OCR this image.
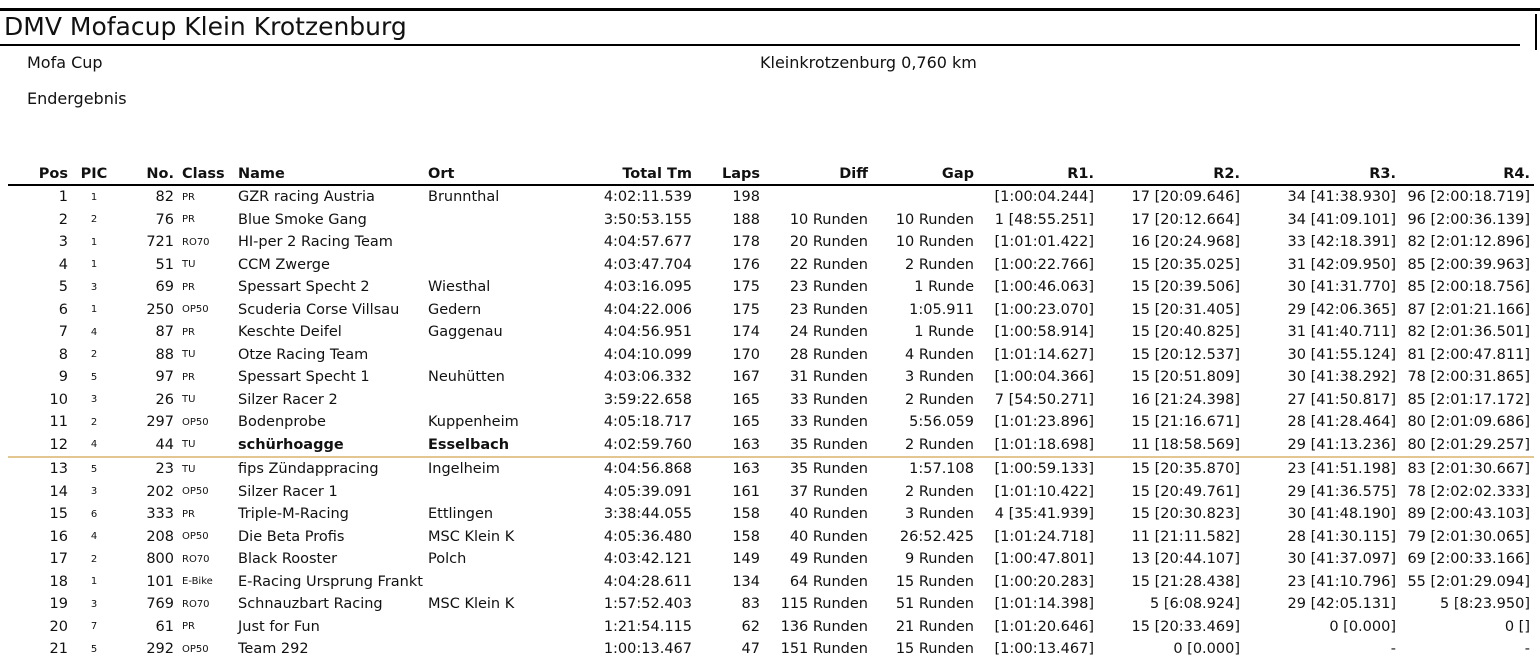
DMV Mofacup Klein Krotzenburg
Mofa Cup	Kleinkrotzenburg 0,760 km
Endergebnis
Pos	PIC	No.	Class	Name	Ort	Total Tm	Laps	Diff	Gap	R1.	R2.	R3.	R4.
1	1	82	PR	GZR racing Austria	Brunnthal	4:02:11.539	198			[1:00:04.244]	17 [20:09.646]	34 [41:38.930]	96 [2:00:18.719]
2	2	76	PR	Blue Smoke Gang		3:50:53.155	188	10 Runden	10 Runden	1 [48:55.251]	17 [20:12.664]	34 [41:09.101]	96 [2:00:36.139]
3	1	721	RO70	HI-per 2 Racing Team		4:04:57.677	178	20 Runden	10 Runden	[1:01:01.422]	16 [20:24.968]	33 [42:18.391]	82 [2:01:12.896]
4	1	51	TU	CCM Zwerge		4:03:47.704	176	22 Runden	2 Runden	[1:00:22.766]	15 [20:35.025]	31 [42:09.950]	85 [2:00:39.963]
5	3	69	PR	Spessart Specht 2	Wiesthal	4:03:16.095	175	23 Runden	1 Runde	[1:00:46.063]	15 [20:39.506]	30 [41:31.770]	85 [2:00:18.756]
6	1	250	OP50	Scuderia Corse Villsau	Gedern	4:04:22.006	175	23 Runden	1:05.911	[1:00:23.070]	15 [20:31.405]	29 [42:06.365]	87 [2:01:21.166]
7	4	87	PR	Keschte Deifel	Gaggenau	4:04:56.951	174	24 Runden	1 Runde	[1:00:58.914]	15 [20:40.825]	31 [41:40.711]	82 [2:01:36.501]
8	2	88	TU	Otze Racing Team		4:04:10.099	170	28 Runden	4 Runden	[1:01:14.627]	15 [20:12.537]	30 [41:55.124]	81 [2:00:47.811]
9	5	97	PR	Spessart Specht 1	Neuhütten	4:03:06.332	167	31 Runden	3 Runden	[1:00:04.366]	15 [20:51.809]	30 [41:38.292]	78 [2:00:31.865]
10	3	26	TU	Silzer Racer 2		3:59:22.658	165	33 Runden	2 Runden	7 [54:50.271]	16 [21:24.398]	27 [41:50.817]	85 [2:01:17.172]
11	2	297	OP50	Bodenprobe	Kuppenheim	4:05:18.717	165	33 Runden	5:56.059	[1:01:23.896]	15 [21:16.671]	28 [41:28.464]	80 [2:01:09.686]
12	4	44	TU	schürhoagge	Esselbach	4:02:59.760	163	35 Runden	2 Runden	[1:01:18.698]	11 [18:58.569]	29 [41:13.236]	80 [2:01:29.257]
13	5	23	TU	fips Zündappracing	Ingelheim	4:04:56.868	163	35 Runden	1:57.108	[1:00:59.133]	15 [20:35.870]	23 [41:51.198]	83 [2:01:30.667]
14	3	202	OP50	Silzer Racer 1		4:05:39.091	161	37 Runden	2 Runden	[1:01:10.422]	15 [20:49.761]	29 [41:36.575]	78 [2:02:02.333]
15	6	333	PR	Triple-M-Racing	Ettlingen	3:38:44.055	158	40 Runden	3 Runden	4 [35:41.939]	15 [20:30.823]	30 [41:48.190]	89 [2:00:43.103]
16	4	208	OP50	Die Beta Profis	MSC Klein K	4:05:36.480	158	40 Runden	26:52.425	[1:01:24.718]	11 [21:11.582]	28 [41:30.115]	79 [2:01:30.065]
17	2	800	RO70	Black Rooster	Polch	4:03:42.121	149	49 Runden	9 Runden	[1:00:47.801]	13 [20:44.107]	30 [41:37.097]	69 [2:00:33.166]
18	1	101	E-Bike	E-Racing Ursprung Frankt		4:04:28.611	134	64 Runden	15 Runden	[1:00:20.283]	15 [21:28.438]	23 [41:10.796]	55 [2:01:29.094]
19	3	769	RO70	Schnauzbart Racing	MSC Klein K	1:57:52.403	83	115 Runden	51 Runden	[1:01:14.398]	5 [6:08.924]	29 [42:05.131]	5 [8:23.950]
20	7	61	PR	Just for Fun		1:21:54.115	62	136 Runden	21 Runden	[1:01:20.646]	15 [20:33.469]	0 [0.000]	0 []
21	5	292	OP50	Team 292		1:00:13.467	47	151 Runden	15 Runden	[1:00:13.467]	0 [0.000]	-	-
